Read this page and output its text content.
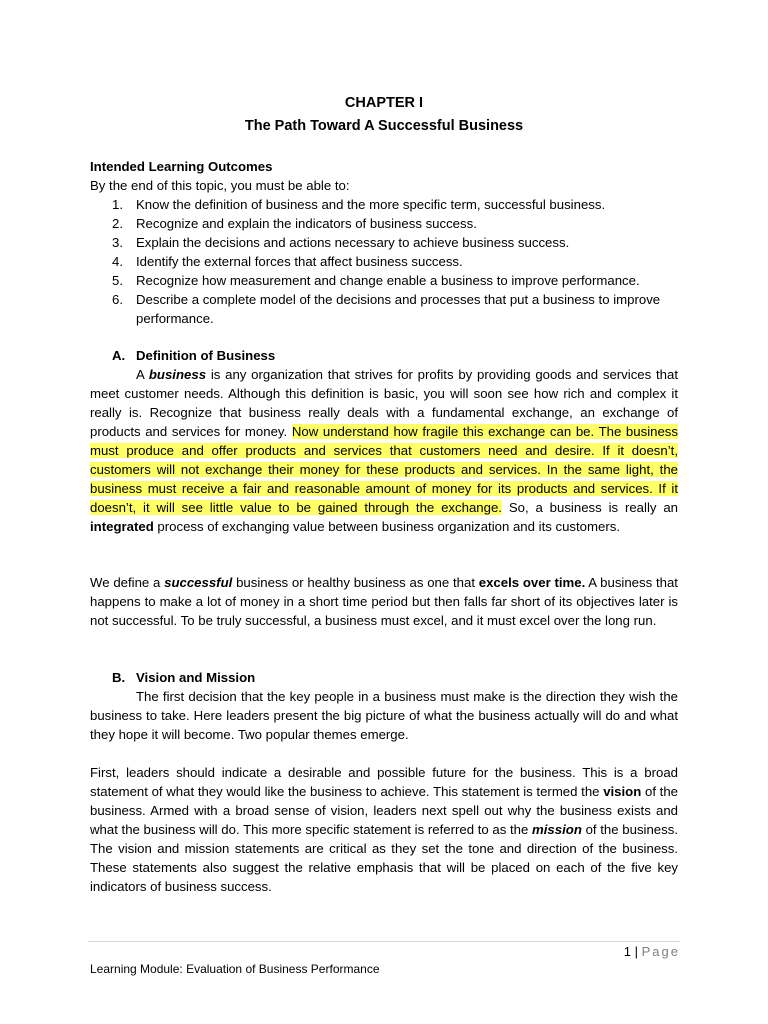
CHAPTER I

The Path Toward A Successful Business

Intended Learning Outcomes

By the end of this topic, you must be able to:

1. Know the definition of business and the more specific term, successful business.
2. Recognize and explain the indicators of business success.
3. Explain the decisions and actions necessary to achieve business success.
4. Identify the external forces that affect business success.
5. Recognize how measurement and change enable a business to improve performance.
6. Describe a complete model of the decisions and processes that put a business to improve performance.

A. Definition of Business

A business is any organization that strives for profits by providing goods and services that meet customer needs. Although this definition is basic, you will soon see how rich and complex it really is. Recognize that business really deals with a fundamental exchange, an exchange of products and services for money. Now understand how fragile this exchange can be. The business must produce and offer products and services that customers need and desire. If it doesn’t, customers will not exchange their money for these products and services. In the same light, the business must receive a fair and reasonable amount of money for its products and services. If it doesn’t, it will see little value to be gained through the exchange. So, a business is really an integrated process of exchanging value between business organization and its customers.

We define a successful business or healthy business as one that excels over time. A business that happens to make a lot of money in a short time period but then falls far short of its objectives later is not successful. To be truly successful, a business must excel, and it must excel over the long run.

B. Vision and Mission

The first decision that the key people in a business must make is the direction they wish the business to take. Here leaders present the big picture of what the business actually will do and what they hope it will become. Two popular themes emerge.

First, leaders should indicate a desirable and possible future for the business. This is a broad statement of what they would like the business to achieve. This statement is termed the vision of the business. Armed with a broad sense of vision, leaders next spell out why the business exists and what the business will do. This more specific statement is referred to as the mission of the business. The vision and mission statements are critical as they set the tone and direction of the business. These statements also suggest the relative emphasis that will be placed on each of the five key indicators of business success.

1 | Page
Learning Module: Evaluation of Business Performance
